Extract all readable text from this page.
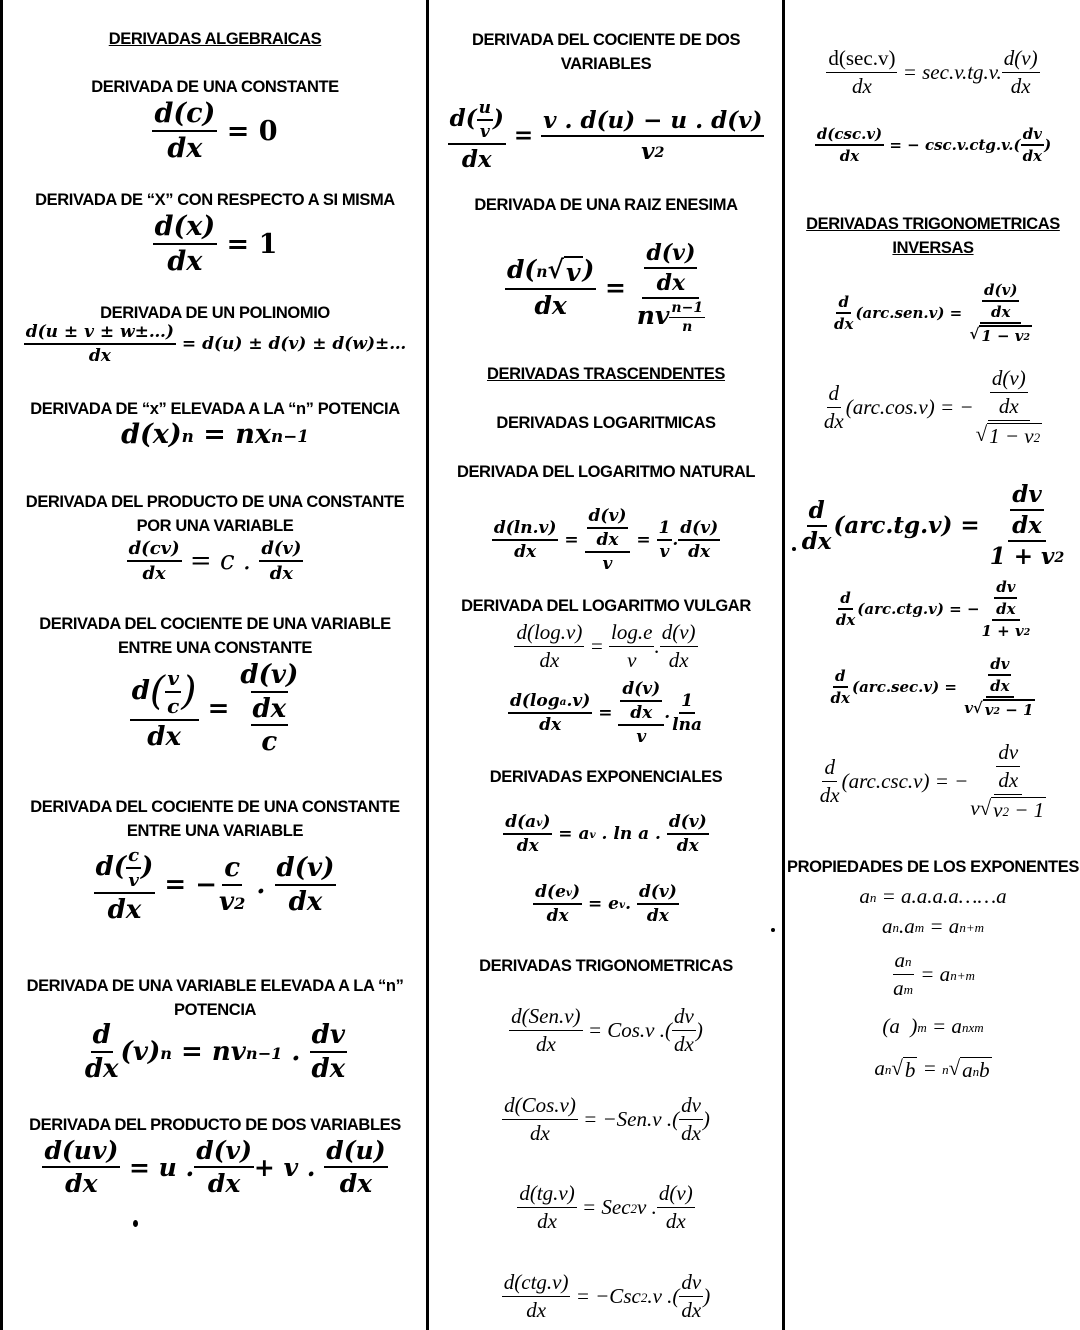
DERIVADAS ALGEBRAICAS
DERIVADA DE UNA CONSTANTE
$\frac{d(c)}{dx} = 0$
DERIVADA DE “X” CON RESPECTO A SI MISMA
$\frac{d(x)}{dx} = 1$
DERIVADA DE UN POLINOMIO
$\frac{d(u \pm v \pm w\pm\dots)}{dx} = d(u) \pm d(v)$ ± d(w)±…
DERIVADA DE “x” ELEVADA A LA “n” POTENCIA
d(x)n = nxn−1
DERIVADA DEL PRODUCTO DE UNA CONSTANTE
POR UNA VARIABLE
$\frac{d(cv)}{dx} = c$ . $\frac{d(v)}{dx}$
DERIVADA DEL COCIENTE DE UNA VARIABLE
ENTRE UNA CONSTANTE
$\frac{d( \frac{v}{c} )}{dx}$ =
d(v)
dx
c
DERIVADA DEL COCIENTE DE UNA CONSTANTE
ENTRE UNA VARIABLE
$\frac{d( \frac{c}{v} )}{dx}$ = − $\frac{c}{v2}$ . $\frac{d(v)}{dx}$
DERIVADA DE UNA VARIABLE ELEVADA A LA “n”
POTENCIA
$\frac{d}{dx} (v)n = nvn-1$ . $\frac{dv}{dx}$
DERIVADA DEL PRODUCTO DE DOS VARIABLES
$\frac{d(uv)}{dx} = u$ . $\frac{d(v)}{dx} + v$ . $\frac{d(u)}{dx}$
DERIVADA DEL COCIENTE DE DOS
VARIABLES
$\frac{d( \frac{u}{v} )}{dx} = \frac{v . d(u) - u . d(v)}{v2}$
DERIVADA DE UNA RAIZ ENESIMA
$\frac{d(n√v)}{dx} = \frac{d(v)}{dx}$
nv $\frac{n-1}{n}$
DERIVADAS TRASCENDENTES
DERIVADAS LOGARITMICAS
DERIVADA DEL LOGARITMO NATURAL
$\frac{d(\ln.v)}{dx} = \frac{\frac{d(v)}{dx}}{v} = \frac{1}{v}$ . $\frac{d(v)}{dx}$
DERIVADA DEL LOGARITMO VULGAR
$\frac{d(\log.v)}{dx} = \frac{\log.e}{v}$ . $\frac{d(v)}{dx}$
$\frac{d(\log a.v)}{dx} = \frac{\frac{d(v)}{dx}}{v}$ . $\frac{1}{\ln a}$
DERIVADAS EXPONENCIALES
$\frac{d(av)}{dx}$ = av . ln a . $\frac{d(v)}{dx}$
$\frac{d(ev)}{dx}$ = ev. $\frac{d(v)}{dx}$
DERIVADAS TRIGONOMETRICAS
d(Sen.v)
dx
= Cos.v .( $\frac{dv}{dx}$ )
d(Cos.v)
dx
= −Sen.v .( $\frac{dv}{dx}$ )
$\frac{d(tg.v)}{dx} = Sec2v$ . $\frac{d(v)}{dx}$
d(ctg.v)
dx
= −Csc2.v .( $\frac{dv}{dx}$ )
d(sec.v)
dx
= sec.v.tg.v. $\frac{d(v)}{dx}$
d(csc.v)
dx
= − $\csc.v.ctg.v.( \frac{dv}{dx}$ )
DERIVADAS TRIGONOMETRICAS
INVERSAS
$\frac{d}{dx} (arc.sen.v) = \frac{\frac{d(v)}{dx}}{√ 1 - v2}$
$\frac{d}{dx} (arc.\cos.v)$ = − $\frac{\frac{d(v)}{dx}}{√1 - v2}$
$\frac{d}{dx} (arc.tg.v) = \frac{dv}{dx}$
1 + v2
$\frac{d}{dx} (arc.ctg.v)$ = − $\frac{dv}{dx}$
1 + v2
$\frac{d}{dx} (arc.\sec.v) = \frac{dv}{dx}$
v√ v2 − 1
$\frac{d}{dx} (arc.\csc.v)$ = − $\frac{dv}{dx}$
v√v2 − 1
PROPIEDADES DE LOS EXPONENTES
an = a.a.a.a……a
an.am = an+m
$\frac{an}{am} = an+m$
(a  )m = anxm
an√b = n√anb
